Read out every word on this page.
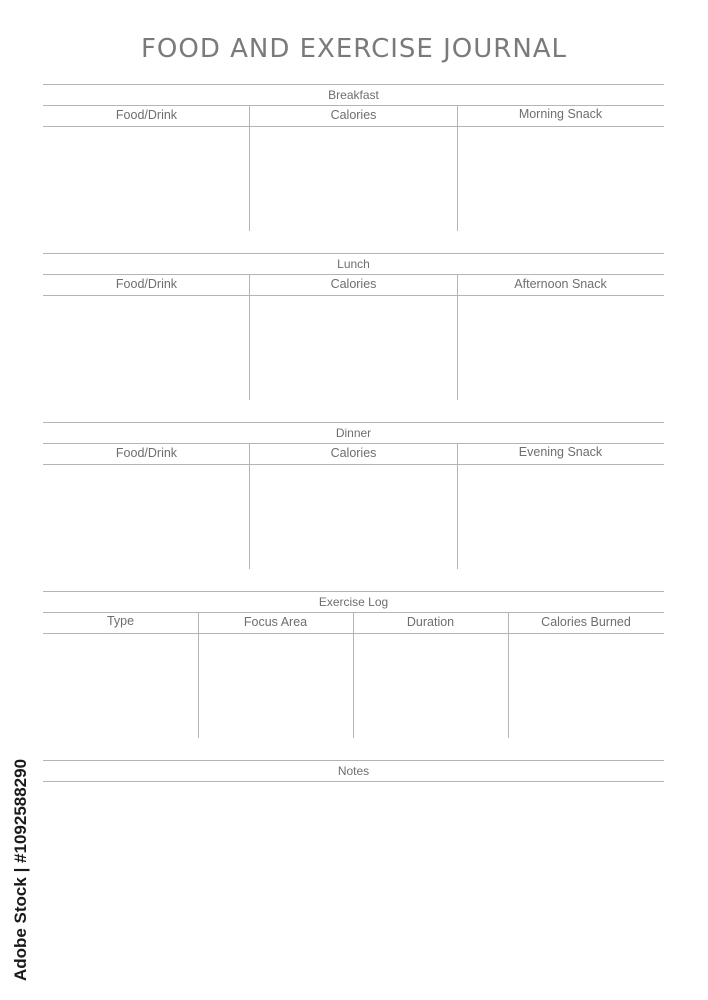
FOOD AND EXERCISE JOURNAL
Breakfast
Food/Drink	Calories	Morning Snack
Lunch
Food/Drink	Calories	Afternoon Snack
Dinner
Food/Drink	Calories	Evening Snack
Exercise Log
Type	Focus Area	Duration	Calories Burned
Notes
Adobe Stock | #1092588290
